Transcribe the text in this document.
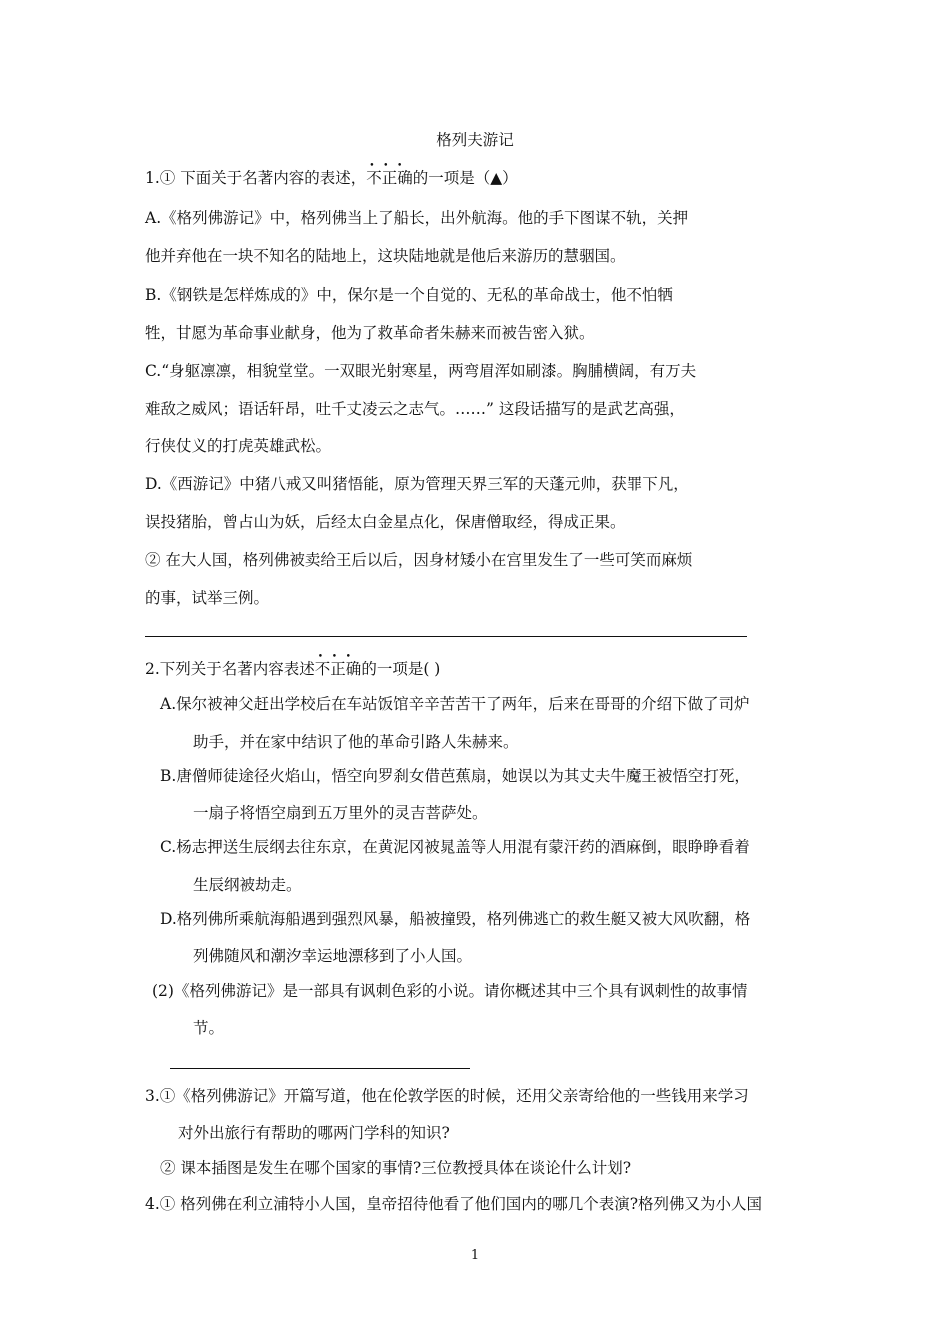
格列夫游记
1.① 下面关于名著内容的表述，•   • 不正确的一项是（▲）
A.《格列佛游记》中，格列佛当上了船长，出外航海。他的手下图谋不轨，关押
他并弃他在一块不知名的陆地上，这块陆地就是他后来游历的慧骃国。
B.《钢铁是怎样炼成的》中，保尔是一个自觉的、无私的革命战士，他不怕牺
牲，甘愿为革命事业献身，他为了救革命者朱赫来而被告密入狱。
C.“身躯凛凛，相貌堂堂。一双眼光射寒星，两弯眉浑如刷漆。胸脯横阔，有万夫
难敌之威风；语话轩昂，吐千丈凌云之志气。……” 这段话描写的是武艺高强，
行侠仗义的打虎英雄武松。
D.《西游记》中猪八戒又叫猪悟能，原为管理天界三军的天蓬元帅，获罪下凡，
误投猪胎，曾占山为妖，后经太白金星点化，保唐僧取经，得成正果。
② 在大人国，格列佛被卖给王后以后，因身材矮小在宫里发生了一些可笑而麻烦
的事，试举三例。
2.下列关于名著内容表述•   • 不正确的一项是( )
A.保尔被神父赶出学校后在车站饭馆辛辛苦苦干了两年，后来在哥哥的介绍下做了司炉
助手，并在家中结识了他的革命引路人朱赫来。
B.唐僧师徒途径火焰山，悟空向罗刹女借芭蕉扇，她误以为其丈夫牛魔王被悟空打死，
一扇子将悟空扇到五万里外的灵吉菩萨处。
C.杨志押送生辰纲去往东京，在黄泥冈被晁盖等人用混有蒙汗药的酒麻倒，眼睁睁看着
生辰纲被劫走。
D.格列佛所乘航海船遇到强烈风暴，船被撞毁，格列佛逃亡的救生艇又被大风吹翻，格
列佛随风和潮汐幸运地漂移到了小人国。
(2)《格列佛游记》是一部具有讽刺色彩的小说。请你概述其中三个具有讽刺性的故事情
节。
3.①《格列佛游记》开篇写道，他在伦敦学医的时候，还用父亲寄给他的一些钱用来学习
对外出旅行有帮助的哪两门学科的知识?
② 课本插图是发生在哪个国家的事情?三位教授具体在谈论什么计划?
4.① 格列佛在利立浦特小人国，皇帝招待他看了他们国内的哪几个表演?格列佛又为小人国
1
